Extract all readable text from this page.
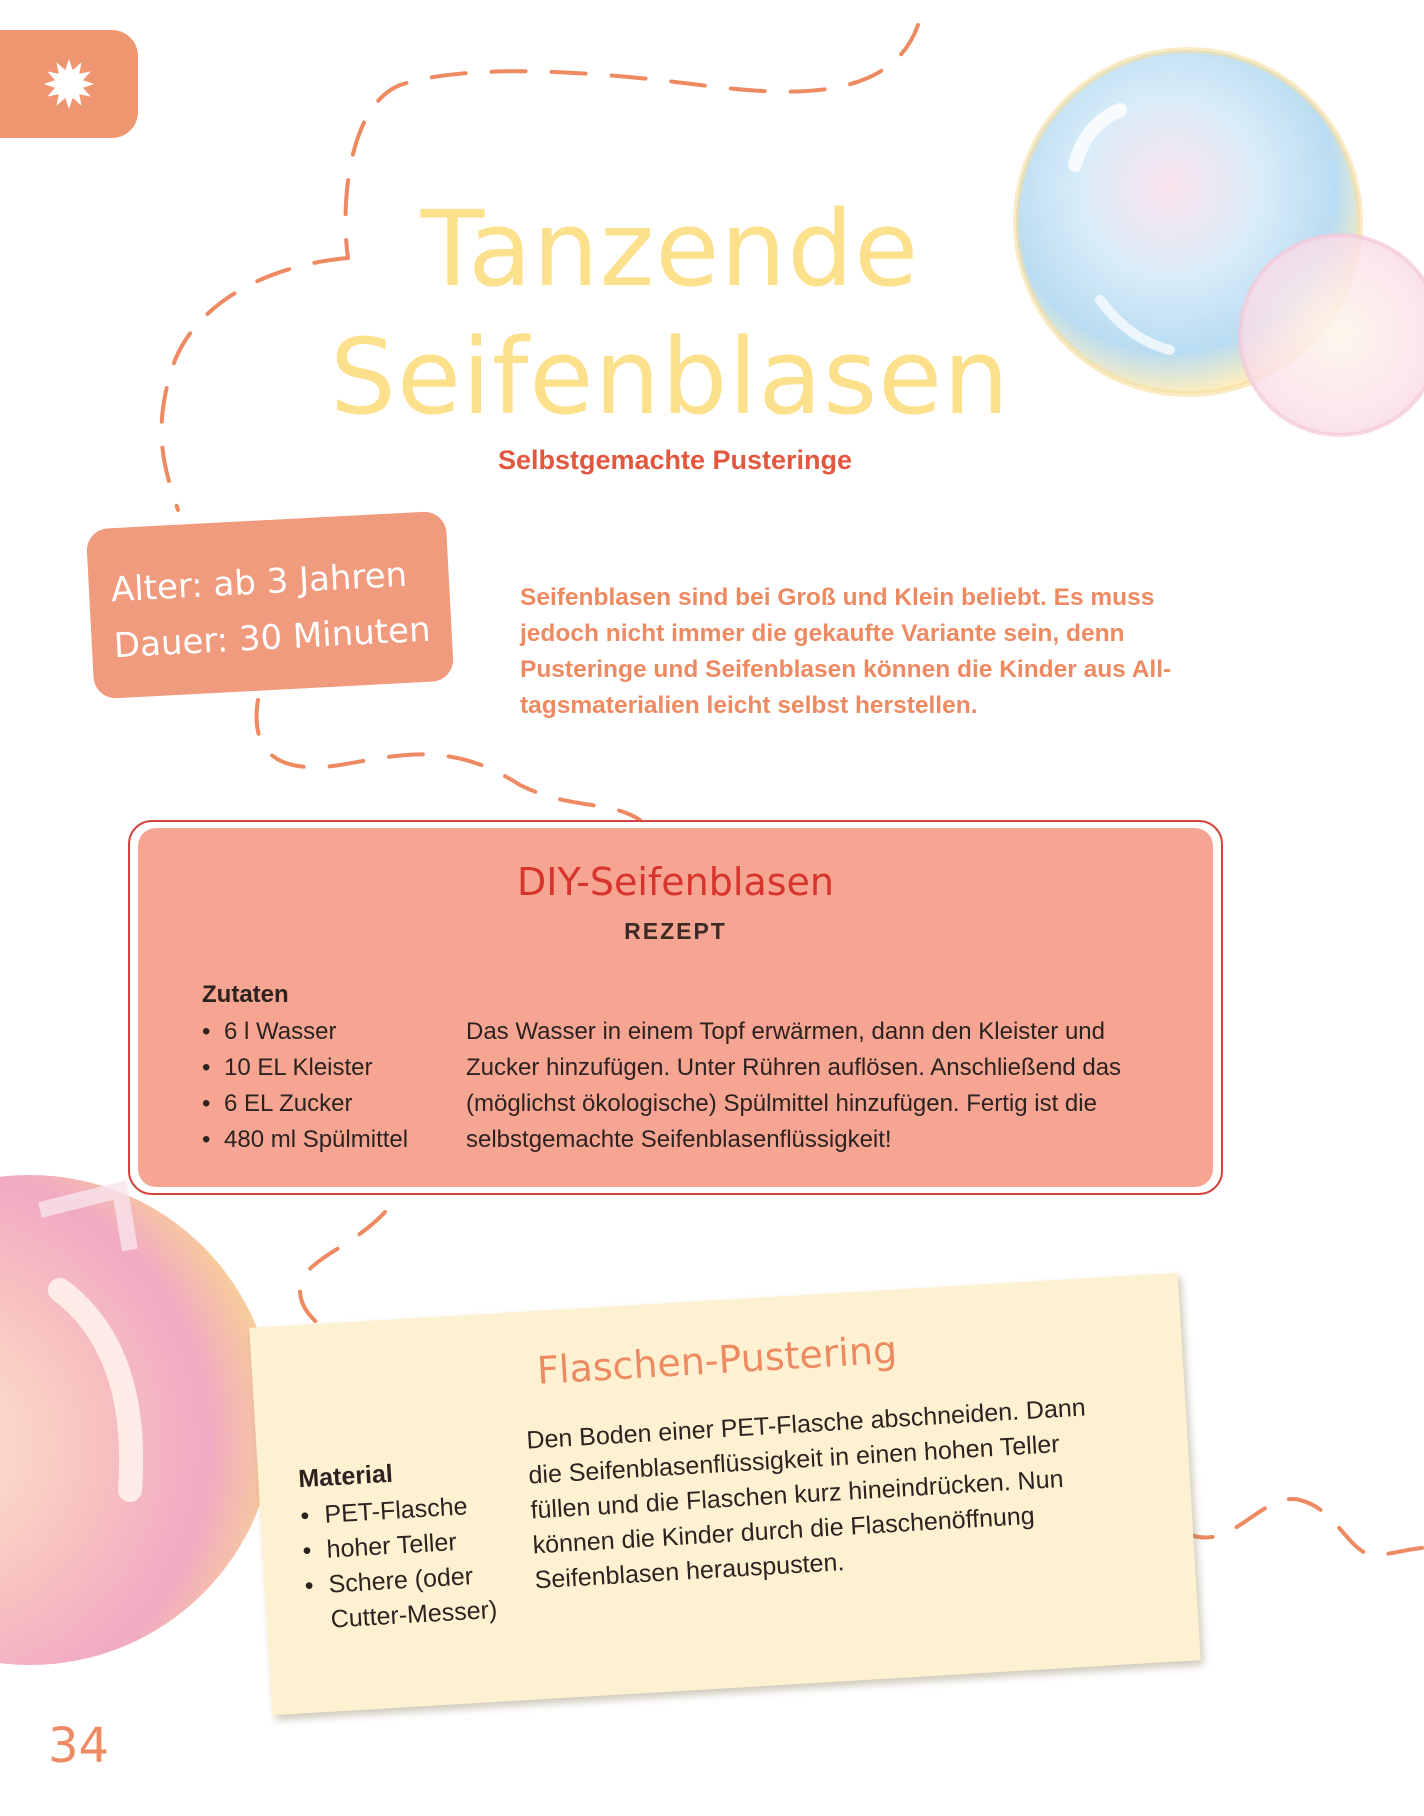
Tanzende
Seifenblasen
Selbstgemachte Pusteringe
Alter: ab 3 Jahren
Dauer: 30 Minuten

Seifenblasen sind bei Groß und Klein beliebt. Es muss jedoch nicht immer die gekaufte Variante sein, denn Pusteringe und Seifenblasen können die Kinder aus All-tagsmaterialien leicht selbst herstellen.

DIY-Seifenblasen
REZEPT
Zutaten
• 6 l Wasser
• 10 EL Kleister
• 6 EL Zucker
• 480 ml Spülmittel

Das Wasser in einem Topf erwärmen, dann den Kleister und Zucker hinzufügen. Unter Rühren auflösen. Anschließend das (möglichst ökologische) Spülmittel hinzufügen. Fertig ist die selbstgemachte Seifenblasenflüssigkeit!

Flaschen-Pustering
Material
• PET-Flasche
• hoher Teller
• Schere (oder Cutter-Messer)

Den Boden einer PET-Flasche abschneiden. Dann die Seifenblasenflüssigkeit in einen hohen Teller füllen und die Flaschen kurz hineindrücken. Nun können die Kinder durch die Flaschenöffnung Seifenblasen herauspusten.

34
